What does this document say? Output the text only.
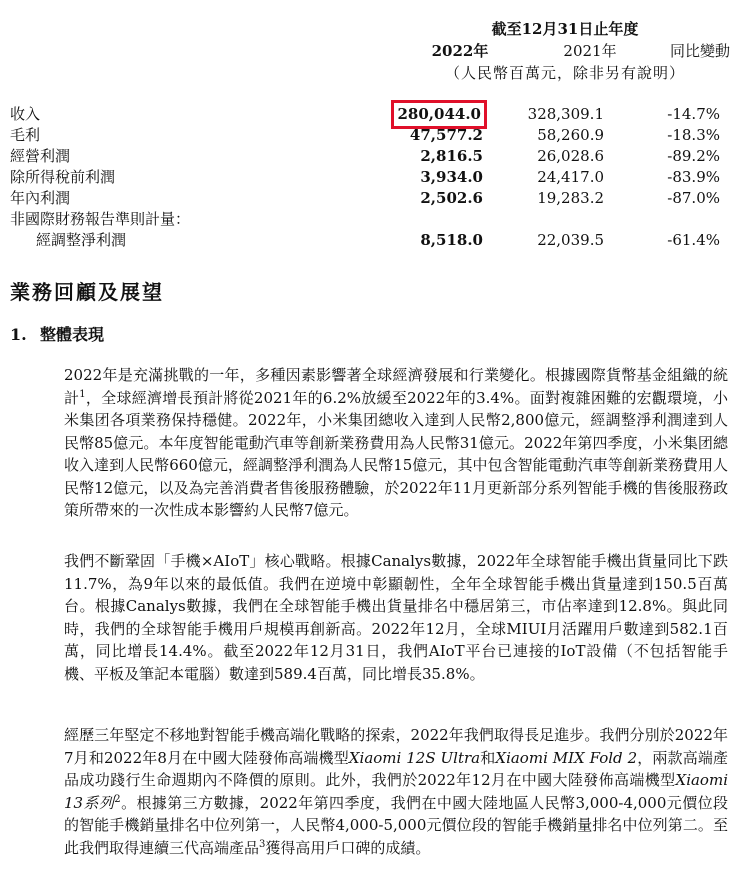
截至12月31日止年度
2022年	2021年	同比變動
（人民幣百萬元，除非另有說明）
收入	280,044.0	328,309.1	-14.7%
毛利	47,577.2	58,260.9	-18.3%
經營利潤	2,816.5	26,028.6	-89.2%
除所得稅前利潤	3,934.0	24,417.0	-83.9%
年內利潤	2,502.6	19,283.2	-87.0%
非國際財務報告準則計量：
經調整淨利潤	8,518.0	22,039.5	-61.4%
業務回顧及展望
1. 整體表現
2022年是充滿挑戰的一年，多種因素影響著全球經濟發展和行業變化。根據國際貨幣基金組織的統計$^1$，全球經濟增長預計將從2021年的6.2%放緩至2022年的3.4%。面對複雜困難的宏觀環境，小米集团各項業務保持穩健。2022年，小米集团總收入達到人民幣2,800億元，經調整淨利潤達到人民幣85億元。本年度智能電動汽車等創新業務費用為人民幣31億元。2022年第四季度，小米集团總收入達到人民幣660億元，經調整淨利潤為人民幣15億元，其中包含智能電動汽車等創新業務費用人民幣12億元，以及為完善消費者售後服務體驗，於2022年11月更新部分系列智能手機的售後服務政策所帶來的一次性成本影響約人民幣7億元。
我們不斷鞏固「手機×AIoT」核心戰略。根據Canalys數據，2022年全球智能手機出貨量同比下跌11.7%，為9年以來的最低值。我們在逆境中彰顯韌性，全年全球智能手機出貨量達到150.5百萬台。根據Canalys數據，我們在全球智能手機出貨量排名中穩居第三，市佔率達到12.8%。與此同時，我們的全球智能手機用戶規模再創新高。2022年12月，全球MIUI月活躍用戶數達到582.1百萬，同比增長14.4%。截至2022年12月31日，我們AIoT平台已連接的IoT設備（不包括智能手機、平板及筆記本電腦）數達到589.4百萬，同比增長35.8%。
經歷三年堅定不移地對智能手機高端化戰略的探索，2022年我們取得長足進步。我們分別於2022年7月和2022年8月在中國大陸發佈高端機型Xiaomi 12S Ultra和Xiaomi MIX Fold 2，兩款高端產品成功踐行生命週期內不降價的原則。此外，我們於2022年12月在中國大陸發佈高端機型Xiaomi 13系列$^2$。根據第三方數據，2022年第四季度，我們在中國大陸地區人民幣3,000-4,000元價位段的智能手機銷量排名中位列第一，人民幣4,000-5,000元價位段的智能手機銷量排名中位列第二。至此我們取得連續三代高端產品$^3$獲得高用戶口碑的成績。
